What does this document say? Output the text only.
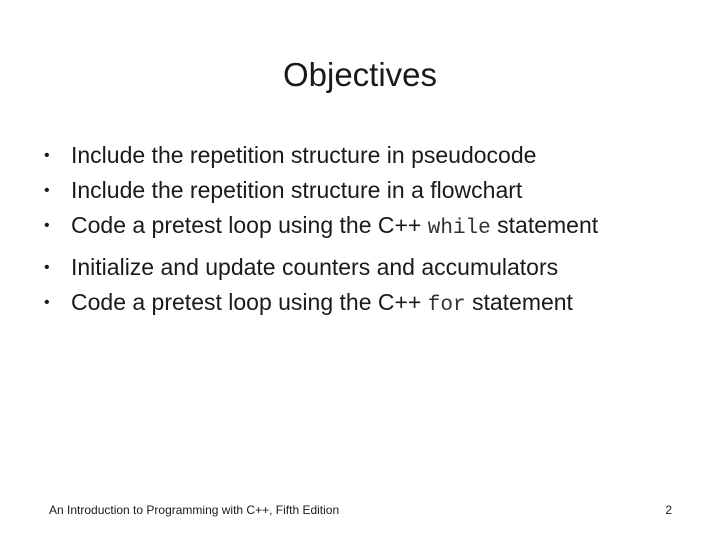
Objectives
• Include the repetition structure in pseudocode
• Include the repetition structure in a flowchart
• Code a pretest loop using the C++ while statement
• Initialize and update counters and accumulators
• Code a pretest loop using the C++ for statement
An Introduction to Programming with C++, Fifth Edition	2
